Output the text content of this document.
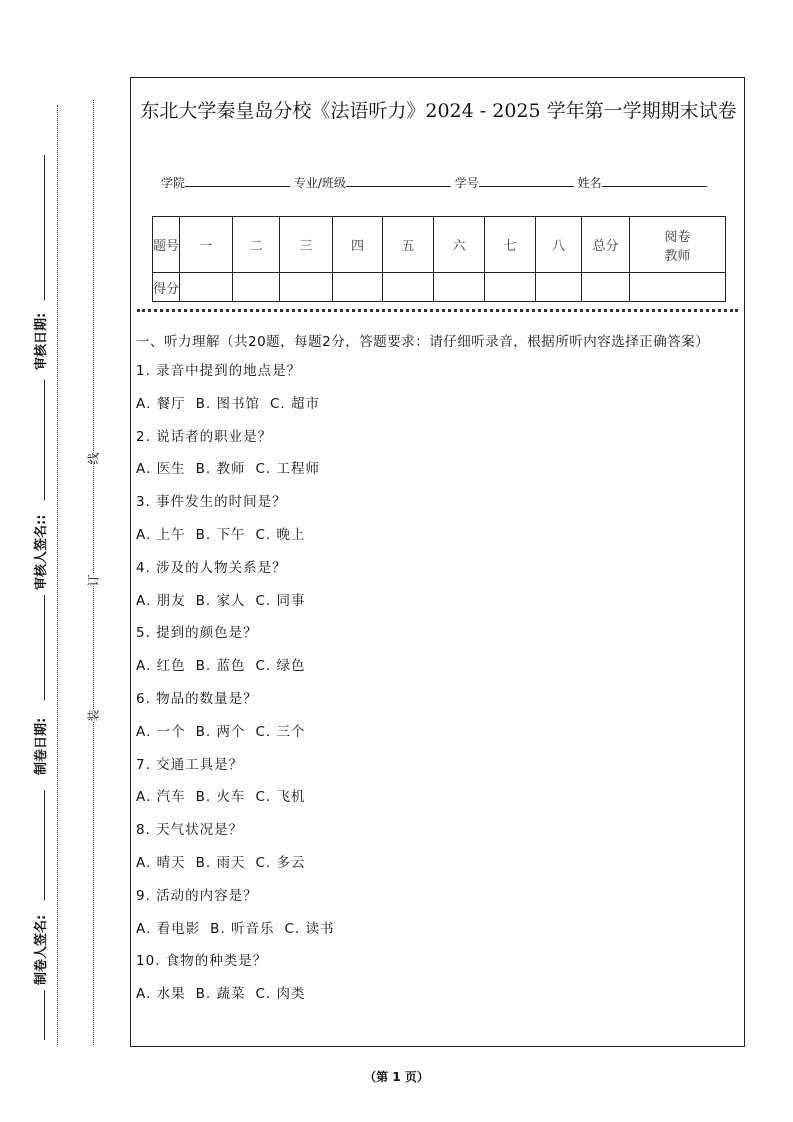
审核日期:
审核人签名::
制卷日期:
制卷人签名:
线
订
装
东北大学秦皇岛分校《法语听力》2024 - 2025 学年第一学期期末试卷
学院	专业/班级	学号	姓名
题号	一	二	三	四	五	六	七	八	总分	阅卷教师
得分										
一、听力理解（共20题，每题2分，答题要求：请仔细听录音，根据所听内容选择正确答案）
1. 录音中提到的地点是？
A. 餐厅 B. 图书馆 C. 超市
2. 说话者的职业是？
A. 医生 B. 教师 C. 工程师
3. 事件发生的时间是？
A. 上午 B. 下午 C. 晚上
4. 涉及的人物关系是？
A. 朋友 B. 家人 C. 同事
5. 提到的颜色是？
A. 红色 B. 蓝色 C. 绿色
6. 物品的数量是？
A. 一个 B. 两个 C. 三个
7. 交通工具是？
A. 汽车 B. 火车 C. 飞机
8. 天气状况是？
A. 晴天 B. 雨天 C. 多云
9. 活动的内容是？
A. 看电影 B. 听音乐 C. 读书
10. 食物的种类是？
A. 水果 B. 蔬菜 C. 肉类
（第 1 页）
